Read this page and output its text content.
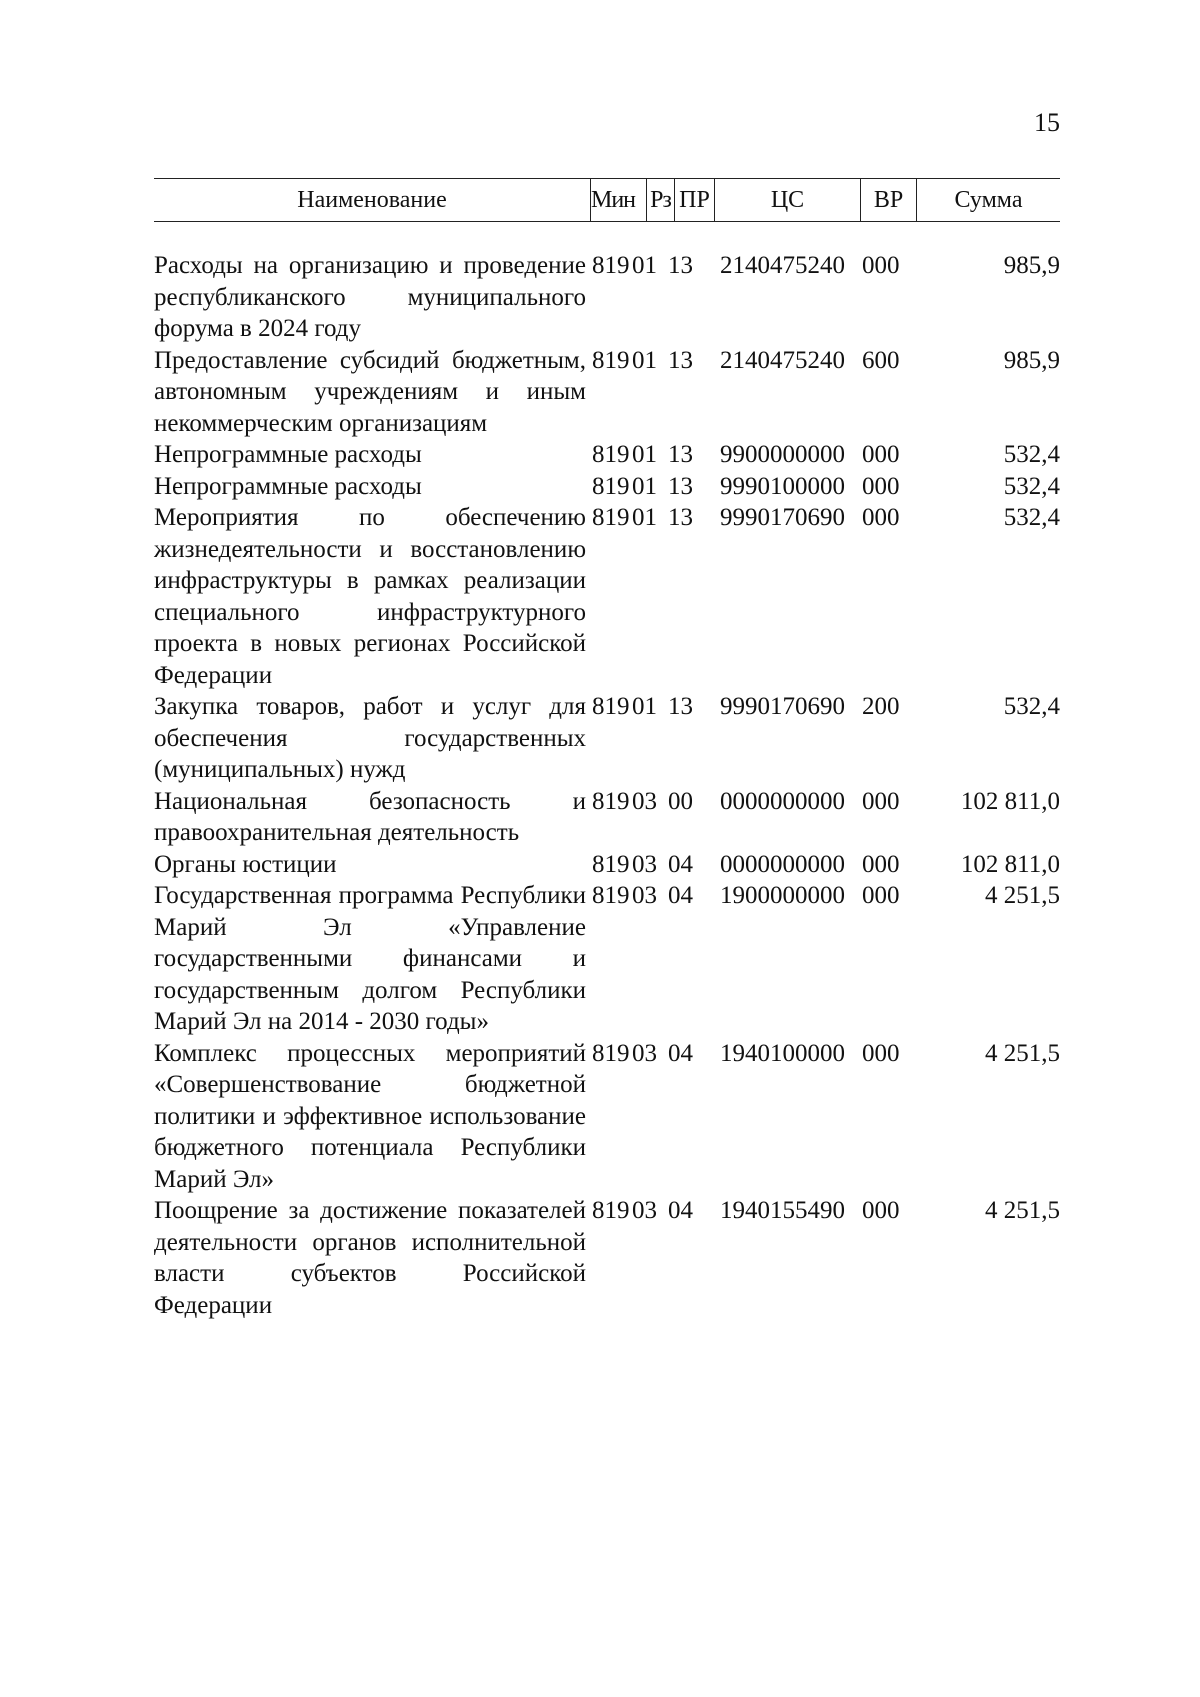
15
Наименование	Мин Рз ПР	ЦС	ВР	Сумма
Расходы на организацию и проведение республиканского муниципального форума в 2024 году
819 01 13	2140475240 000	985,9
Предоставление субсидий бюджетным, автономным учреждениям и иным некоммерческим организациям
819 01 13	2140475240 600	985,9
Непрограммные расходы	819 01 13	9900000000 000	532,4
Непрограммные расходы	819 01 13	9990100000 000	532,4
Мероприятия по обеспечению жизнедеятельности и восстановлению инфраструктуры в рамках реализации специального инфраструктурного проекта в новых регионах Российской Федерации
819 01 13	9990170690 000	532,4
Закупка товаров, работ и услуг для обеспечения государственных (муниципальных) нужд
819 01 13	9990170690 200	532,4
Национальная безопасность и правоохранительная деятельность
819 03 00	0000000000 000	102 811,0
Органы юстиции	819 03 04	0000000000 000	102 811,0
Государственная программа Республики Марий Эл «Управление государственными финансами и государственным долгом Республики Марий Эл на 2014 - 2030 годы»
819 03 04	1900000000 000	4 251,5
Комплекс процессных мероприятий «Совершенствование бюджетной политики и эффективное использование бюджетного потенциала Республики Марий Эл»
819 03 04	1940100000 000	4 251,5
Поощрение за достижение показателей деятельности органов исполнительной власти субъектов Российской Федерации
819 03 04	1940155490 000	4 251,5
